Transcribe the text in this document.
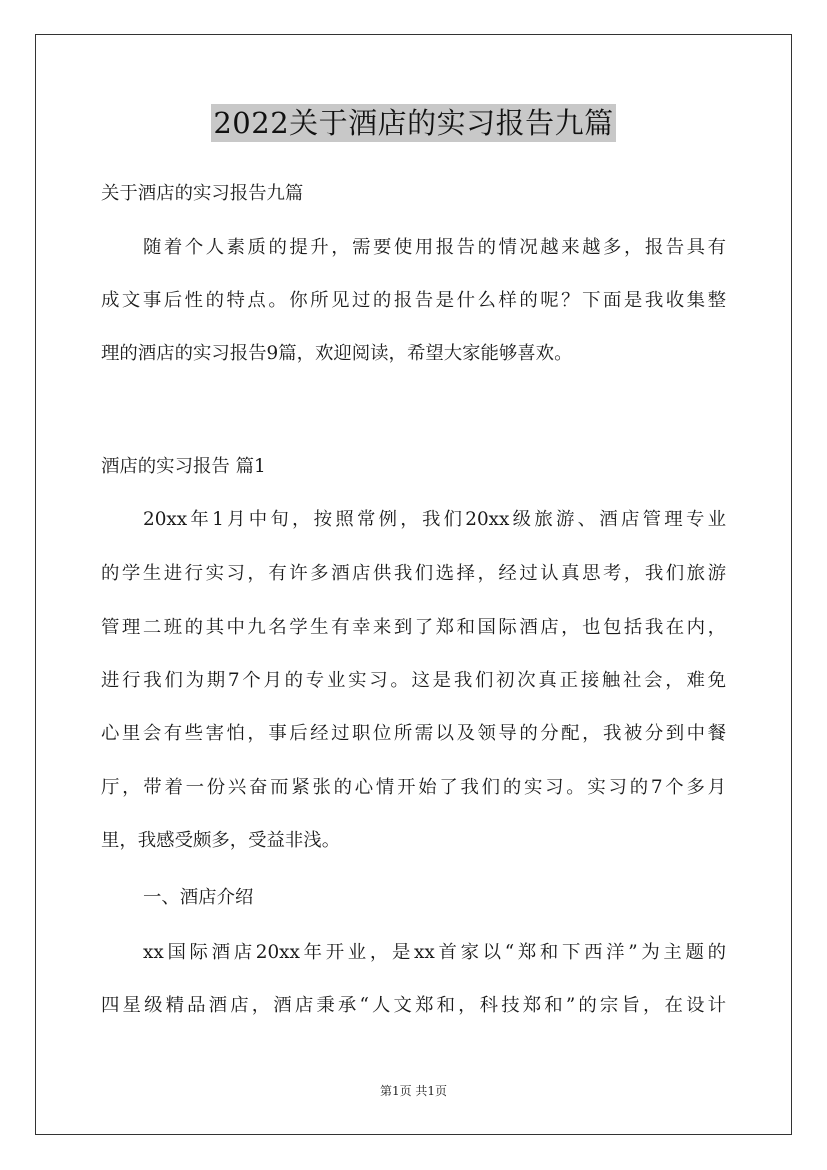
2022关于酒店的实习报告九篇
关于酒店的实习报告九篇
随着个人素质的提升，需要使用报告的情况越来越多，报告具有
成文事后性的特点。你所见过的报告是什么样的呢？下面是我收集整
理的酒店的实习报告9篇，欢迎阅读，希望大家能够喜欢。
酒店的实习报告 篇1
20xx年1月中旬，按照常例，我们20xx级旅游、酒店管理专业
的学生进行实习，有许多酒店供我们选择，经过认真思考，我们旅游
管理二班的其中九名学生有幸来到了郑和国际酒店，也包括我在内，
进行我们为期7个月的专业实习。这是我们初次真正接触社会，难免
心里会有些害怕，事后经过职位所需以及领导的分配，我被分到中餐
厅，带着一份兴奋而紧张的心情开始了我们的实习。实习的7个多月
里，我感受颇多，受益非浅。
一、酒店介绍
xx国际酒店20xx年开业，是xx首家以“郑和下西洋”为主题的
四星级精品酒店，酒店秉承“人文郑和，科技郑和”的宗旨，在设计
第1页 共1页
